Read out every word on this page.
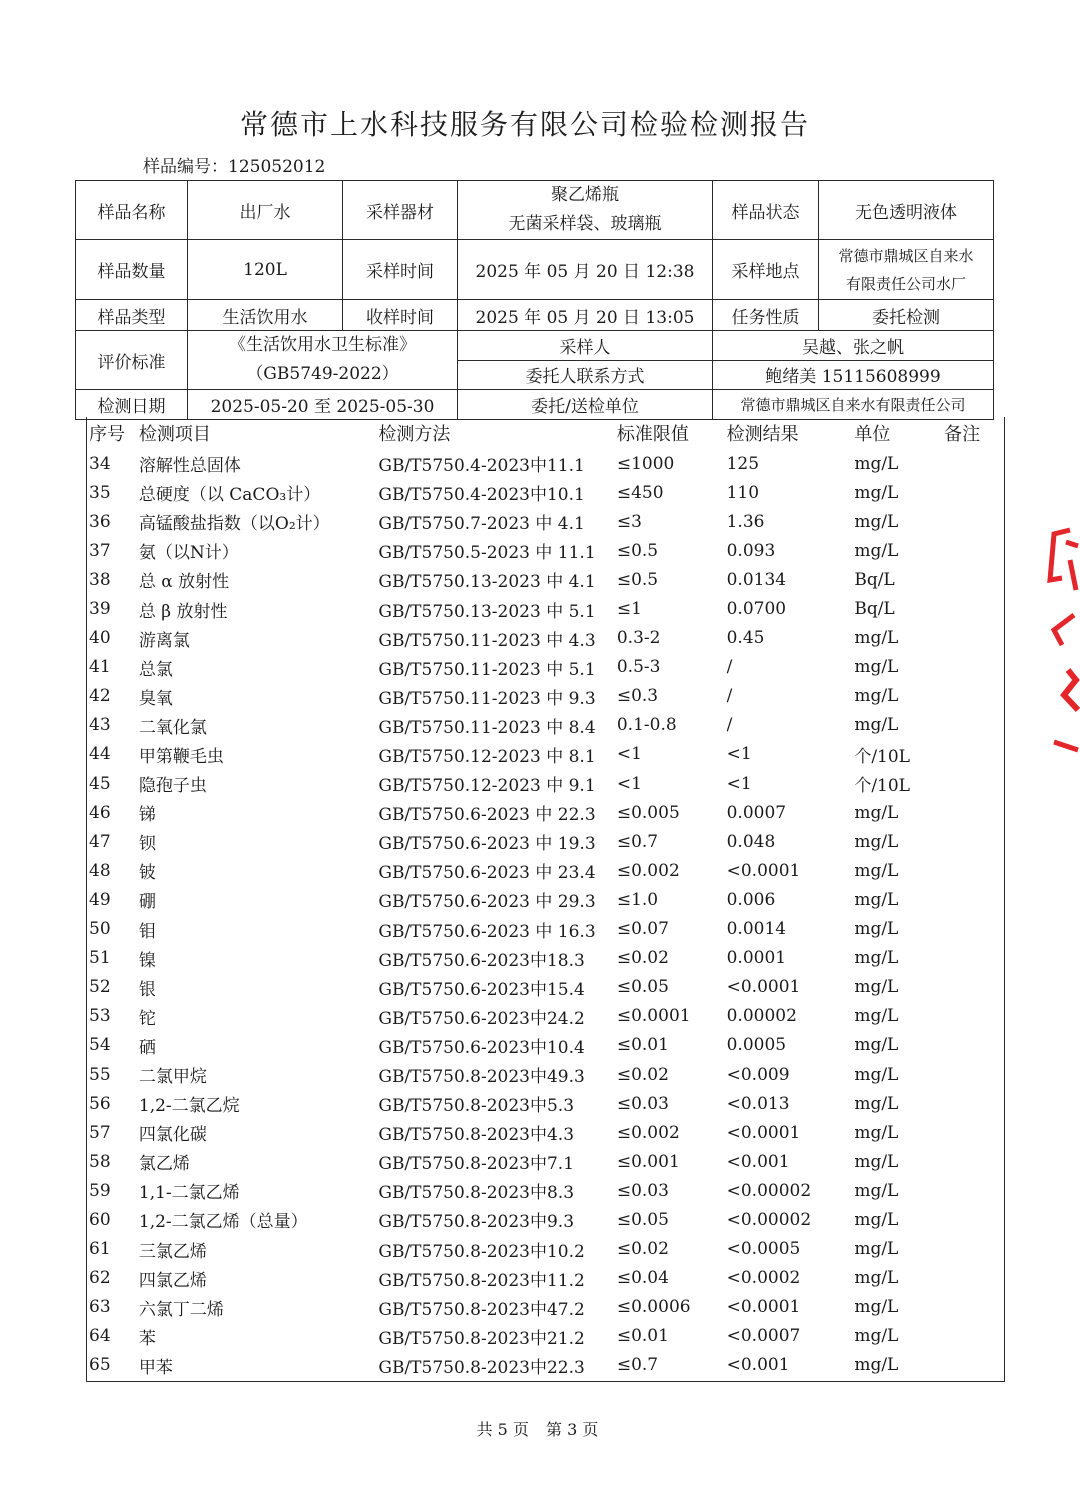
常德市上水科技服务有限公司检验检测报告
样品编号：125052012
样品名称	出厂水	采样器材	聚乙烯瓶
无菌采样袋、玻璃瓶	样品状态	无色透明液体
样品数量	120L	采样时间	2025 年 05 月 20 日 12:38	采样地点	常德市鼎城区自来水
有限责任公司水厂

样品类型	生活饮用水	收样时间	2025 年 05 月 20 日 13:05	任务性质	委托检测
评价标准	《生活饮用水卫生标准》
（GB5749-2022）		采样人	吴越、张之帆	
			委托人联系方式	鲍绪美 15115608999	
检测日期	2025-05-20 至 2025-05-30		委托/送检单位	常德市鼎城区自来水有限责任公司	
序号 检测项目	检测方法	标准限值	检测结果	单位	备注
34	溶解性总固体	GB/T5750.4-2023中11.1	≤1000	125	mg/L
35	总硬度（以 CaCO₃计）	GB/T5750.4-2023中10.1	≤450	110	mg/L
36	高锰酸盐指数（以O₂计）	GB/T5750.7-2023 中 4.1	≤3	1.36	mg/L
37	氨（以N计）	GB/T5750.5-2023 中 11.1	≤0.5	0.093	mg/L
38	总 α 放射性	GB/T5750.13-2023 中 4.1	≤0.5	0.0134	Bq/L
39	总 β 放射性	GB/T5750.13-2023 中 5.1	≤1	0.0700	Bq/L
40	游离氯	GB/T5750.11-2023 中 4.3	0.3-2	0.45	mg/L
41	总氯	GB/T5750.11-2023 中 5.1	0.5-3	/	mg/L
42	臭氧	GB/T5750.11-2023 中 9.3	≤0.3	/	mg/L
43	二氧化氯	GB/T5750.11-2023 中 8.4	0.1-0.8	/	mg/L
44	甲第鞭毛虫	GB/T5750.12-2023 中 8.1	<1	<1	个/10L
45	隐孢子虫	GB/T5750.12-2023 中 9.1	<1	<1	个/10L
46	锑	GB/T5750.6-2023 中 22.3	≤0.005	0.0007	mg/L
47	钡	GB/T5750.6-2023 中 19.3	≤0.7	0.048	mg/L
48	铍	GB/T5750.6-2023 中 23.4	≤0.002	<0.0001	mg/L
49	硼	GB/T5750.6-2023 中 29.3	≤1.0	0.006	mg/L
50	钼	GB/T5750.6-2023 中 16.3	≤0.07	0.0014	mg/L
51	镍	GB/T5750.6-2023中18.3	≤0.02	0.0001	mg/L
52	银	GB/T5750.6-2023中15.4	≤0.05	<0.0001	mg/L
53	铊	GB/T5750.6-2023中24.2	≤0.0001	0.00002	mg/L
54	硒	GB/T5750.6-2023中10.4	≤0.01	0.0005	mg/L
55	二氯甲烷	GB/T5750.8-2023中49.3	≤0.02	<0.009	mg/L
56	1,2-二氯乙烷	GB/T5750.8-2023中5.3	≤0.03	<0.013	mg/L
57	四氯化碳	GB/T5750.8-2023中4.3	≤0.002	<0.0001	mg/L
58	氯乙烯	GB/T5750.8-2023中7.1	≤0.001	<0.001	mg/L
59	1,1-二氯乙烯	GB/T5750.8-2023中8.3	≤0.03	<0.00002	mg/L
60	1,2-二氯乙烯（总量）	GB/T5750.8-2023中9.3	≤0.05	<0.00002	mg/L
61	三氯乙烯	GB/T5750.8-2023中10.2	≤0.02	<0.0005	mg/L
62	四氯乙烯	GB/T5750.8-2023中11.2	≤0.04	<0.0002	mg/L
63	六氯丁二烯	GB/T5750.8-2023中47.2	≤0.0006	<0.0001	mg/L
64	苯	GB/T5750.8-2023中21.2	≤0.01	<0.0007	mg/L
65	甲苯	GB/T5750.8-2023中22.3	≤0.7	<0.001	mg/L
共 5 页 第 3 页
